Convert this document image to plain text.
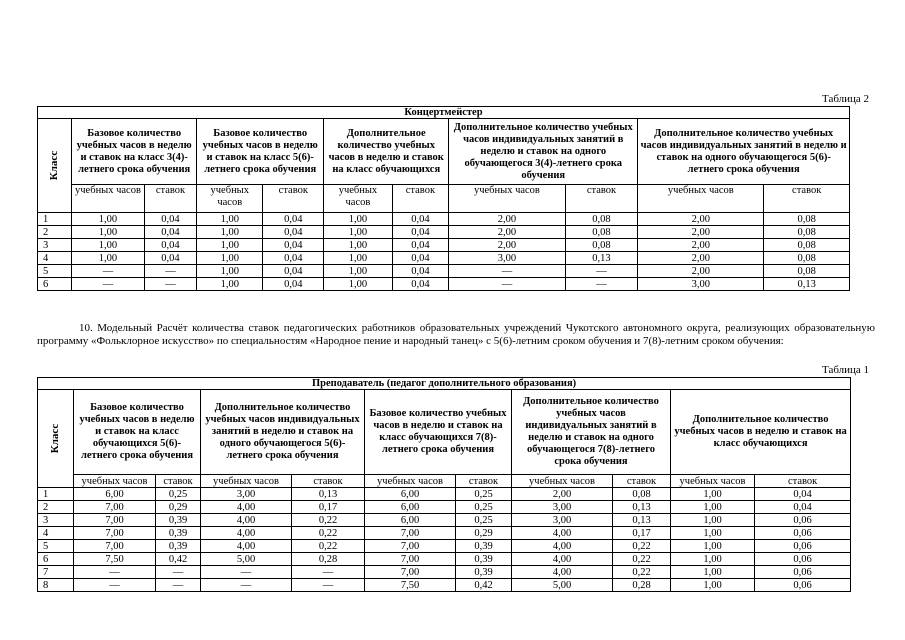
Таблица 2
Концертмейстер										
Класс	Базовое количество учебных часов в неделю и ставок на класс 3(4)-летнего срока обучения		Базовое количество учебных часов в неделю и ставок на класс 5(6)- летнего срока обучения		Дополнительное количество учебных часов в неделю и ставок на класс обучающихся		Дополнительное количество учебных часов индивидуальных занятий в неделю и ставок на одного обучающегося 3(4)-летнего срока обучения		Дополнительное количество учебных часов индивидуальных занятий в неделю и ставок на одного обучающегося 5(6)-летнего срока обучения	
	учебных часов	ставок	учебных часов	ставок	учебных часов	ставок	учебных часов	ставок	учебных часов	ставок
1	1,00	0,04	1,00	0,04	1,00	0,04	2,00	0,08	2,00	0,08
2	1,00	0,04	1,00	0,04	1,00	0,04	2,00	0,08	2,00	0,08
3	1,00	0,04	1,00	0,04	1,00	0,04	2,00	0,08	2,00	0,08
4	1,00	0,04	1,00	0,04	1,00	0,04	3,00	0,13	2,00	0,08
5	—	—	1,00	0,04	1,00	0,04	—	—	2,00	0,08
6	—	—	1,00	0,04	1,00	0,04	—	—	3,00	0,13
10. Модельный Расчёт количества ставок педагогических работников образовательных учреждений Чукотского автономного округа, реализующих образовательную программу «Фольклорное искусство» по специальностям «Народное пение и народный танец» с 5(6)-летним сроком обучения и 7(8)-летним сроком обучения:
Таблица 1
Преподаватель (педагог дополнительного образования)										
Класс	Базовое количество учебных часов в неделю и ставок на класс обучающихся 5(6)-летнего срока обучения		Дополнительное количество учебных часов индивидуальных занятий в неделю и ставок на одного обучающегося 5(6)-летнего срока обучения		Базовое количество учебных часов в неделю и ставок на класс обучающихся 7(8)-летнего срока обучения		Дополнительное количество учебных часов индивидуальных занятий в неделю и ставок на одного обучающегося 7(8)-летнего срока обучения		Дополнительное количество учебных часов в неделю и ставок на класс обучающихся	
	учебных часов	ставок	учебных часов	ставок	учебных часов	ставок	учебных часов	ставок	учебных часов	ставок
1	6,00	0,25	3,00	0,13	6,00	0,25	2,00	0,08	1,00	0,04
2	7,00	0,29	4,00	0,17	6,00	0,25	3,00	0,13	1,00	0,04
3	7,00	0,39	4,00	0,22	6,00	0,25	3,00	0,13	1,00	0,06
4	7,00	0,39	4,00	0,22	7,00	0,29	4,00	0,17	1,00	0,06
5	7,00	0,39	4,00	0,22	7,00	0,39	4,00	0,22	1,00	0,06
6	7,50	0,42	5,00	0,28	7,00	0,39	4,00	0,22	1,00	0,06
7	—	—	—	—	7,00	0,39	4,00	0,22	1,00	0,06
8	—	—	—	—	7,50	0,42	5,00	0,28	1,00	0,06
